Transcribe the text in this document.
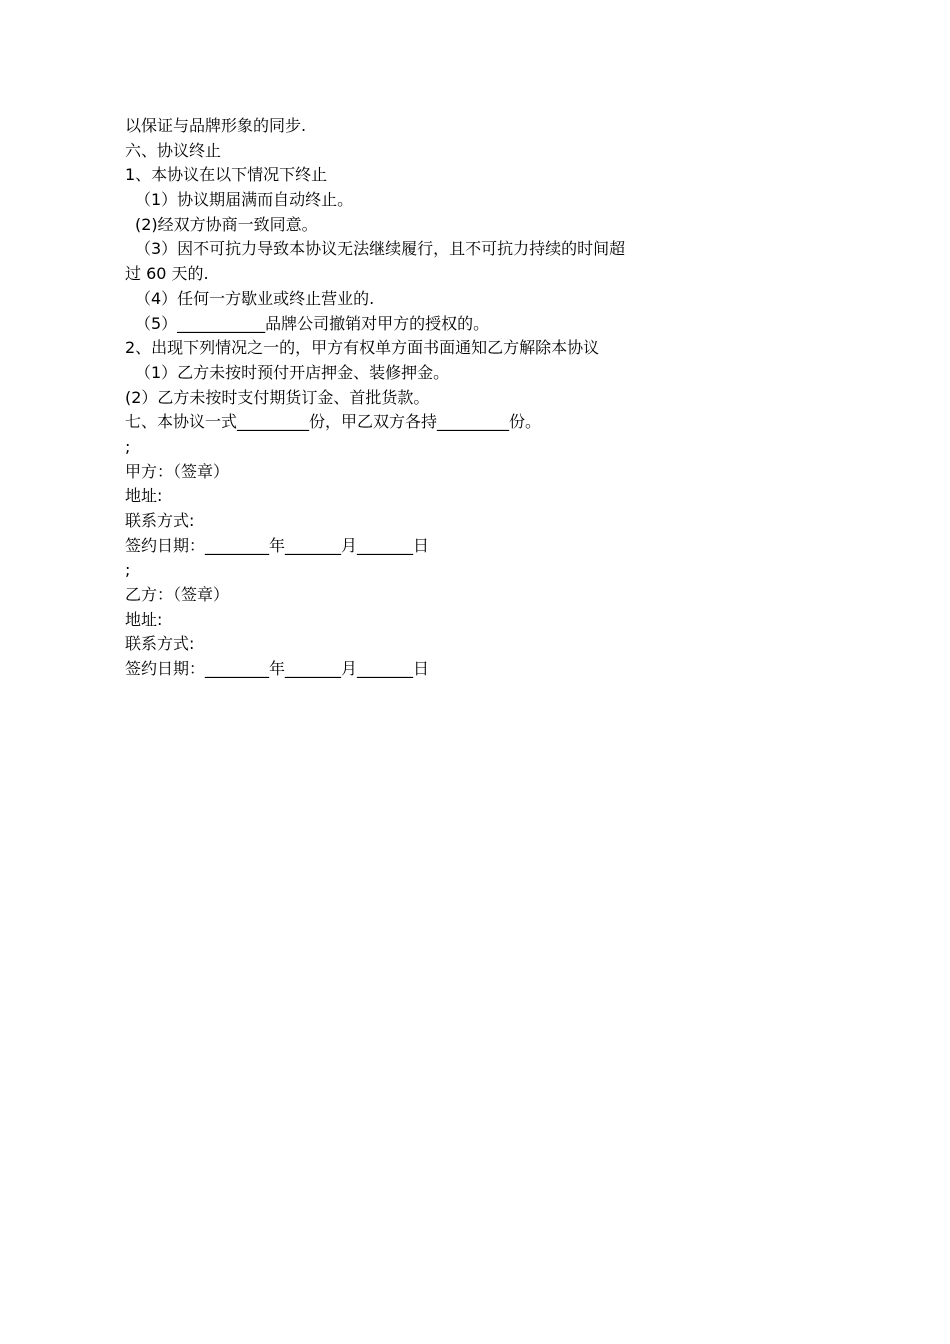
以保证与品牌形象的同步.

六、协议终止

1、本协议在以下情况下终止

（1）协议期届满而自动终止。

(2)经双方协商一致同意。

（3）因不可抗力导致本协议无法继续履行，且不可抗力持续的时间超

过 60 天的.

（4）任何一方歇业或终止营业的.

（5）___________品牌公司撤销对甲方的授权的。

2、出现下列情况之一的，甲方有权单方面书面通知乙方解除本协议

（1）乙方未按时预付开店押金、装修押金。

(2）乙方未按时支付期货订金、首批货款。

七、本协议一式_________份，甲乙双方各持_________份。

;

甲方：（签章）

地址:

联系方式:

签约日期：________年_______月_______日

;

乙方：（签章）

地址:

联系方式:

签约日期：________年_______月_______日
